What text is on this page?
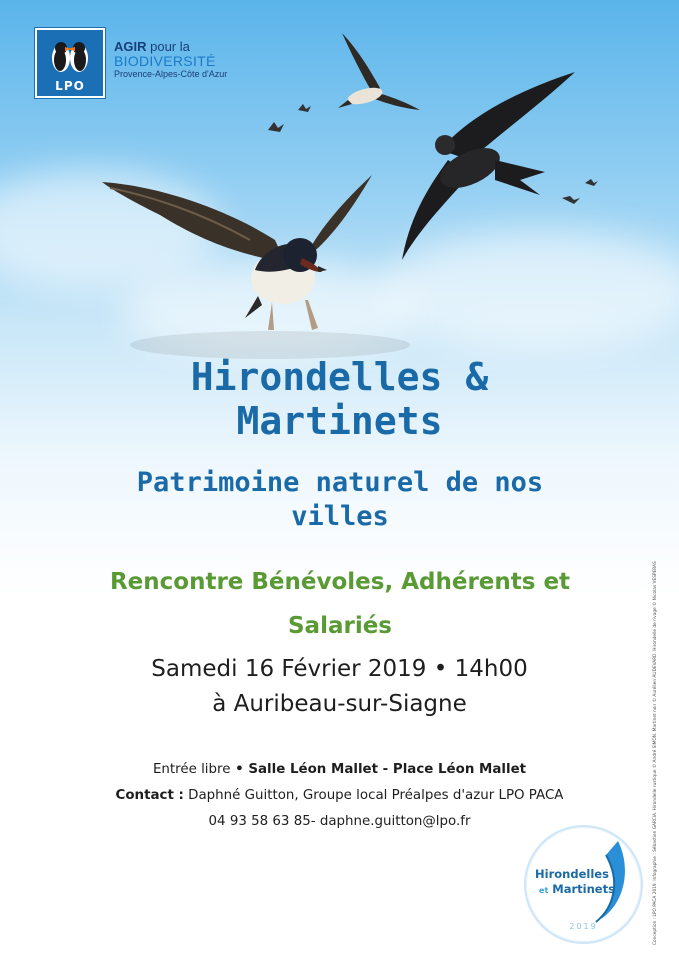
LPO
AGIR pour la
BIODIVERSITÉ
Provence-Alpes-Côte d'Azur
Hirondelles &
Martinets
Patrimoine naturel de nos
villes
Rencontre Bénévoles, Adhérents et
Salariés
Samedi 16 Février 2019 • 14h00
à Auribeau-sur-Siagne
Entrée libre • Salle Léon Mallet - Place Léon Mallet
Contact : Daphné Guitton, Groupe local Préalpes d'azur LPO PACA
04 93 58 63 85- daphne.guitton@lpo.fr
Hirondelles
et Martinets
2019	Conception : LPO PACA 2019. Infographie : Sébastien GARCIA. Hirondelle rustique © André SIMON. Martinet noir © Aurélien AUDEVARD. Hirondelle de rivage © Nicolas VESPERAS
